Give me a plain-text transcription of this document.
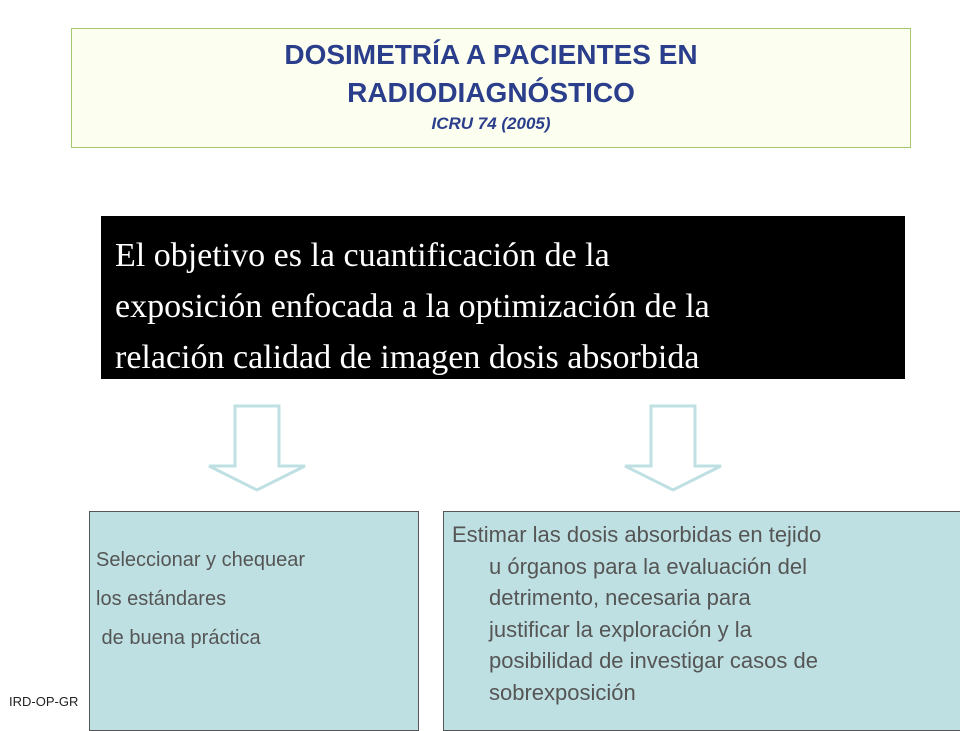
DOSIMETRÍA A PACIENTES EN
RADIODIAGNÓSTICO
ICRU 74 (2005)
El objetivo es la cuantificación de la
exposición enfocada a la optimización de la
relación calidad de imagen dosis absorbida
Seleccionar y chequear
los estándares
de buena práctica
Estimar las dosis absorbidas en tejido
u órganos para la evaluación del
detrimento, necesaria para
justificar la exploración y la
posibilidad de investigar casos de
sobrexposición
IRD-OP-GR
